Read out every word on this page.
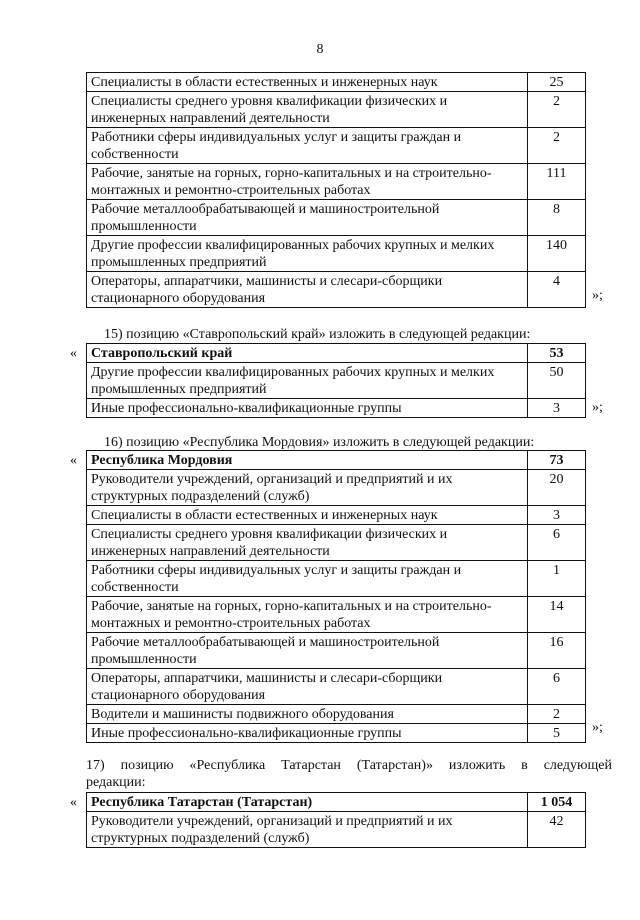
8
Специалисты в области естественных и инженерных наук	25
Специалисты среднего уровня квалификации физических и инженерных направлений деятельности	2
Работники сферы индивидуальных услуг и защиты граждан и собственности	2
Рабочие, занятые на горных, горно-капитальных и на строительно-монтажных и ремонтно-строительных работах	111
Рабочие металлообрабатывающей и машиностроительной промышленности	8
Другие профессии квалифицированных рабочих крупных и мелких промышленных предприятий	140
Операторы, аппаратчики, машинисты и слесари-сборщики стационарного оборудования	4
»;
15) позицию «Ставропольский край» изложить в следующей редакции:
« Ставропольский край	53
Другие профессии квалифицированных рабочих крупных и мелких промышленных предприятий	50
Иные профессионально-квалификационные группы	3 »;
16) позицию «Республика Мордовия» изложить в следующей редакции:
« Республика Мордовия	73
Руководители учреждений, организаций и предприятий и их структурных подразделений (служб)	20
Специалисты в области естественных и инженерных наук	3
Специалисты среднего уровня квалификации физических и инженерных направлений деятельности	6
Работники сферы индивидуальных услуг и защиты граждан и собственности	1
Рабочие, занятые на горных, горно-капитальных и на строительно-монтажных и ремонтно-строительных работах	14
Рабочие металлообрабатывающей и машиностроительной промышленности	16
Операторы, аппаратчики, машинисты и слесари-сборщики стационарного оборудования	6
Водители и машинисты подвижного оборудования	2
Иные профессионально-квалификационные группы	5 »;
17) позицию «Республика Татарстан (Татарстан)» изложить в следующей
редакции:
« Республика Татарстан (Татарстан)	1 054
Руководители учреждений, организаций и предприятий и их структурных подразделений (служб)	42
